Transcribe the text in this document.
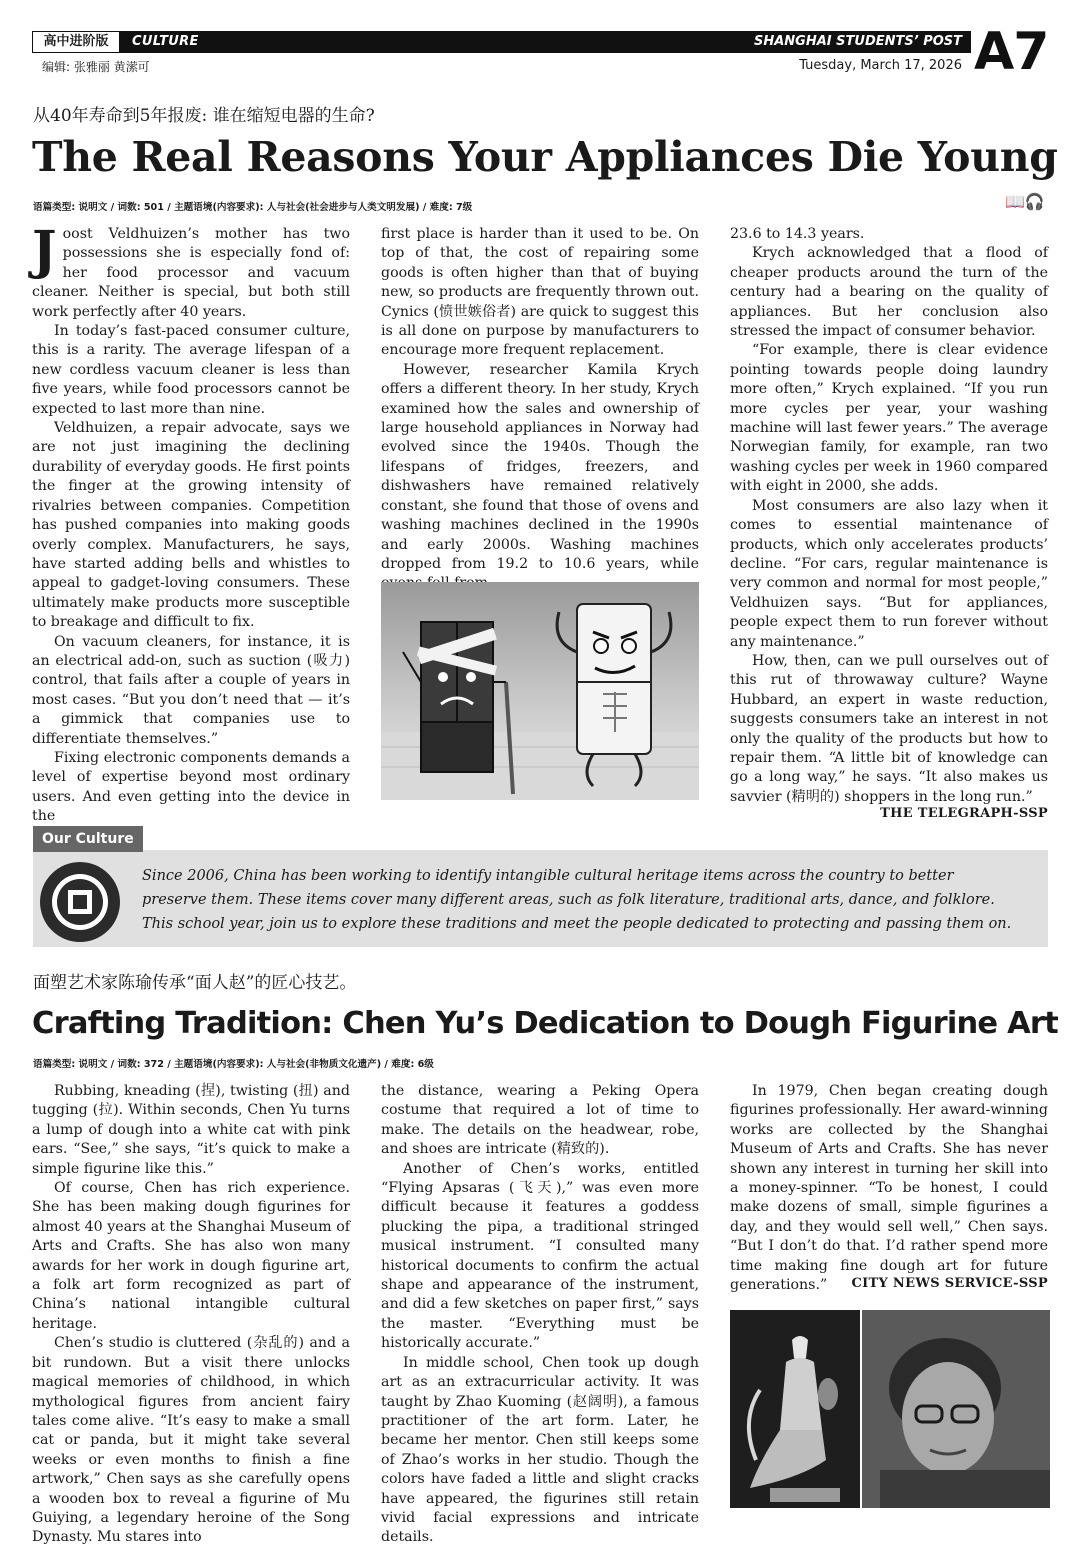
高中进阶版	CULTURE	SHANGHAI STUDENTS’ POST A7
编辑: 张雅丽 黄潆可	Tuesday, March 17, 2026
从40年寿命到5年报废: 谁在缩短电器的生命?
The Real Reasons Your Appliances Die Young
语篇类型: 说明文 / 词数: 501 / 主题语境(内容要求): 人与社会(社会进步与人类文明发展) / 难度: 7级	📖🎧

Joost Veldhuizen’s mother has two possessions she is especially fond of: her food processor and vacuum cleaner. Neither is special, but both still work perfectly after 40 years.

In today’s fast-paced consumer culture, this is a rarity. The average lifespan of a new cordless vacuum cleaner is less than five years, while food processors cannot be expected to last more than nine.

Veldhuizen, a repair advocate, says we are not just imagining the declining durability of everyday goods. He first points the finger at the growing intensity of rivalries between companies. Competition has pushed companies into making goods overly complex. Manufacturers, he says, have started adding bells and whistles to appeal to gadget-loving consumers. These ultimately make products more susceptible to breakage and difficult to fix.

On vacuum cleaners, for instance, it is an electrical add-on, such as suction (吸力) control, that fails after a couple of years in most cases. “But you don’t need that — it’s a gimmick that companies use to differentiate themselves.”

Fixing electronic components demands a level of expertise beyond most ordinary users. And even getting into the device in the

first place is harder than it used to be. On top of that, the cost of repairing some goods is often higher than that of buying new, so products are frequently thrown out. Cynics (愤世嫉俗者) are quick to suggest this is all done on purpose by manufacturers to encourage more frequent replacement.

However, researcher Kamila Krych offers a different theory. In her study, Krych examined how the sales and ownership of large household appliances in Norway had evolved since the 1940s. Though the lifespans of fridges, freezers, and dishwashers have remained relatively constant, she found that those of ovens and washing machines declined in the 1990s and early 2000s. Washing machines dropped from 19.2 to 10.6 years, while

23.6 to 14.3 years.

Krych acknowledged that a flood of cheaper products around the turn of the century had a bearing on the quality of appliances. But her conclusion also stressed the impact of consumer behavior.

“For example, there is clear evidence pointing towards people doing laundry more often,” Krych explained. “If you run more cycles per year, your washing machine will last fewer years.” The average Norwegian family, for example, ran two washing cycles per week in 1960 compared with eight in 2000, she adds.

Most consumers are also lazy when it comes to essential maintenance of products, which only accelerates products’ decline. “For cars, regular maintenance is very common and normal for most people,” Veldhuizen says. “But for appliances, people expect them to run forever without any maintenance.”

How, then, can we pull ourselves out of this rut of throwaway culture? Wayne Hubbard, an expert in waste reduction, suggests consumers take an interest in not only the quality of the products but how to repair them. “A little bit of knowledge can go a long way,” he says. “It also makes us savvier (精明的) shoppers in the long run.”

THE TELEGRAPH-SSP
Our Culture
Since 2006, China has been working to identify intangible cultural heritage items across the country to better preserve them. These items cover many different areas, such as folk literature, traditional arts, dance, and folklore. This school year, join us to explore these traditions and meet the people dedicated to protecting and passing them on.
面塑艺术家陈瑜传承“面人赵”的匠心技艺。
Crafting Tradition: Chen Yu’s Dedication to Dough Figurine Art
语篇类型: 说明文 / 词数: 372 / 主题语境(内容要求): 人与社会(非物质文化遗产) / 难度: 6级

Rubbing, kneading (捏), twisting (扭) and tugging (拉). Within seconds, Chen Yu turns a lump of dough into a white cat with pink ears. “See,” she says, “it’s quick to make a simple figurine like this.”

Of course, Chen has rich experience. She has been making dough figurines for almost 40 years at the Shanghai Museum of Arts and Crafts. She has also won many awards for her work in dough figurine art, a folk art form recognized as part of China’s national intangible cultural heritage.

Chen’s studio is cluttered (杂乱的) and a bit rundown. But a visit there unlocks magical memories of childhood, in which mythological figures from ancient fairy tales come alive. “It’s easy to make a small cat or panda, but it might take several weeks or even months to finish a fine artwork,” Chen says as she carefully opens a wooden box to reveal a figurine of Mu Guiying, a legendary heroine of the Song Dynasty. Mu stares into

the distance, wearing a Peking Opera costume that required a lot of time to make. The details on the headwear, robe, and shoes are intricate (精致的).

Another of Chen’s works, entitled “Flying Apsaras (飞天),” was even more difficult because it features a goddess plucking the pipa, a traditional stringed musical instrument. “I consulted many historical documents to confirm the actual shape and appearance of the instrument, and did a few sketches on paper first,” says the master. “Everything must be historically accurate.”

In middle school, Chen took up dough art as an extracurricular activity. It was taught by Zhao Kuoming (赵阔明), a famous practitioner of the art form. Later, he became her mentor. Chen still keeps some of Zhao’s works in her studio. Though the colors have faded a little and slight cracks have appeared, the figurines still retain vivid facial expressions and intricate details.

In 1979, Chen began creating dough figurines professionally. Her award-winning works are collected by the Shanghai Museum of Arts and Crafts. She has never shown any interest in turning her skill into a money-spinner. “To be honest, I could make dozens of small, simple figurines a day, and they would sell well,” Chen says. “But I don’t do that. I’d rather spend more time making fine dough art for future generations.”	CITY NEWS SERVICE-SSP
